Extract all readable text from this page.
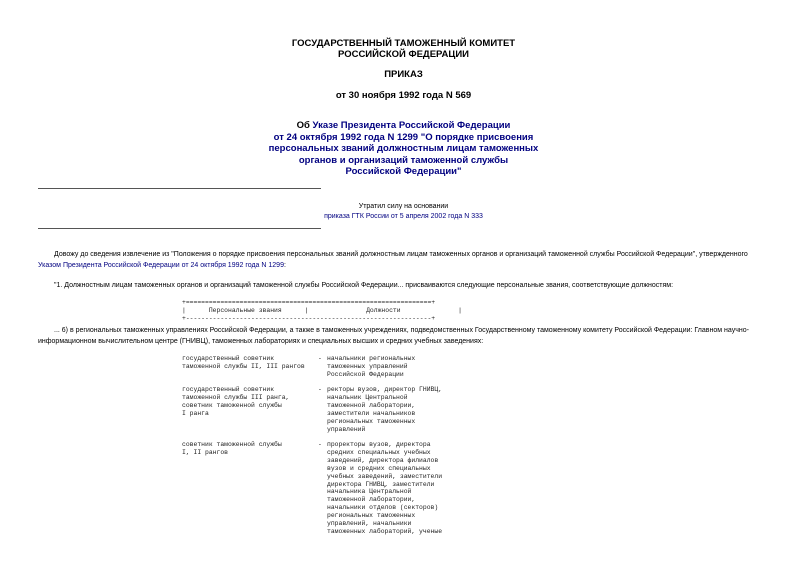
ГОСУДАРСТВЕННЫЙ ТАМОЖЕННЫЙ КОМИТЕТ
РОССИЙСКОЙ ФЕДЕРАЦИИ
ПРИКАЗ
от 30 ноября 1992 года N 569
Об Указе Президента Российской Федерации
от 24 октября 1992 года N 1299 "О порядке присвоения
персональных званий должностным лицам таможенных
органов и организаций таможенной службы
Российской Федерации"
Утратил силу на основании
приказа ГТК России от 5 апреля 2002 года N 333
Довожу до сведения извлечение из "Положения о порядке присвоения персональных званий должностным лицам таможенных органов и организаций таможенной службы Российской Федерации", утвержденного Указом Президента Российской Федерации от 24 октября 1992 года N 1299:
"1. Должностным лицам таможенных органов и организаций таможенной службы Российской Федерации... присваиваются следующие персональные звания, соответствующие должностям:
+================================================================+
|      Персональные звания      |               Должности               |
+----------------------------------------------------------------+
... 6) в региональных таможенных управлениях Российской Федерации, а также в таможенных учреждениях, подведомственных Государственному таможенному комитету Российской Федерации: Главном научно-информационном вычислительном центре (ГНИВЦ), таможенных лабораториях и специальных высших и средних учебных заведениях:
государственный советник
таможенной службы II, III рангов
- начальники региональных
таможенных управлений
Российской Федерации
государственный советник
таможенной службы III ранга,
советник таможенной службы
I ранга
- ректоры вузов, директор ГНИВЦ,
начальник Центральной
таможенной лаборатории,
заместители начальников
региональных таможенных
управлений
советник таможенной службы
I, II рангов
- проректоры вузов, директора
средних специальных учебных
заведений, директора филиалов
вузов и средних специальных
учебных заведений, заместители
директора ГНИВЦ, заместители
начальника Центральной
таможенной лаборатории,
начальники отделов (секторов)
региональных таможенных
управлений, начальники
таможенных лабораторий, ученые
